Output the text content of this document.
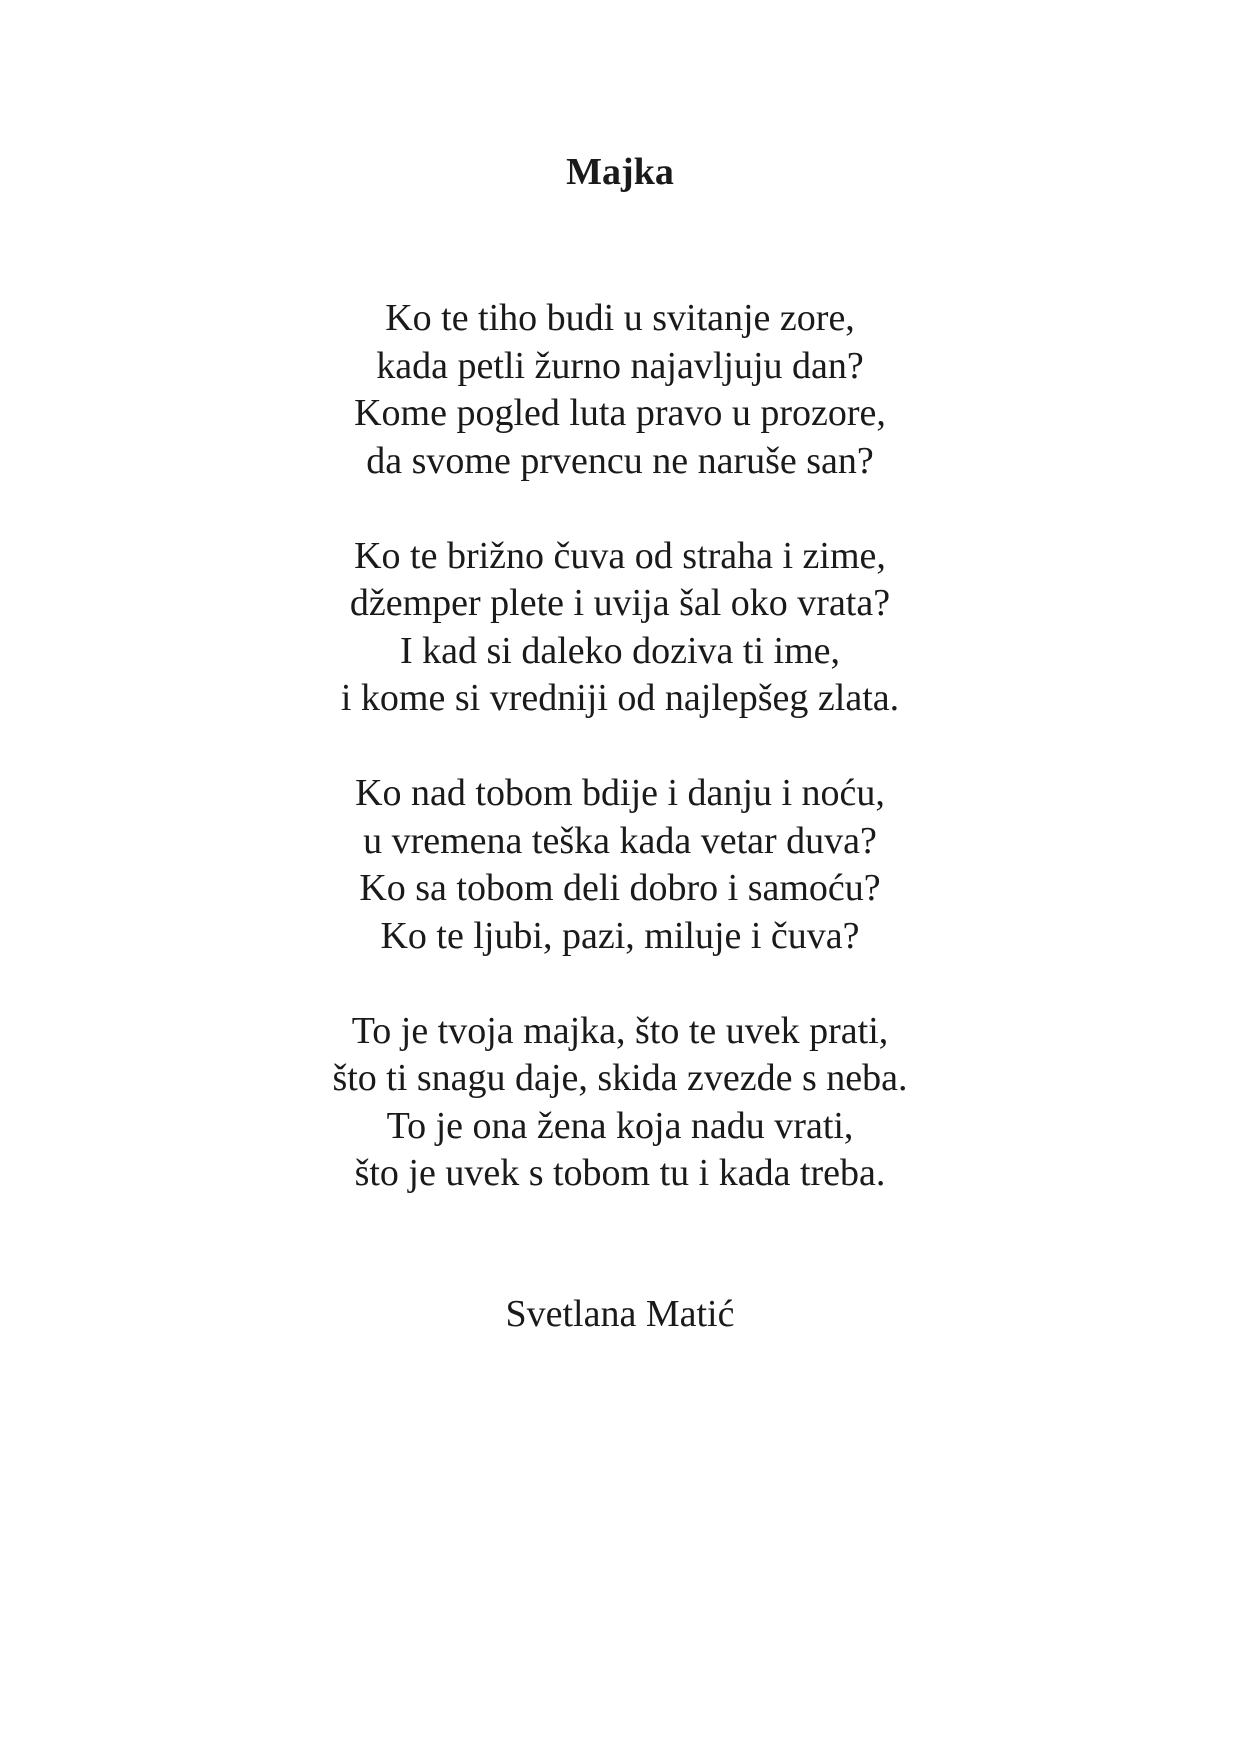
Majka
Ko te tiho budi u svitanje zore,
kada petli žurno najavljuju dan?
Kome pogled luta pravo u prozore,
da svome prvencu ne naruše san?
Ko te brižno čuva od straha i zime,
džemper plete i uvija šal oko vrata?
I kad si daleko doziva ti ime,
i kome si vredniji od najlepšeg zlata.
Ko nad tobom bdije i danju i noću,
u vremena teška kada vetar duva?
Ko sa tobom deli dobro i samoću?
Ko te ljubi, pazi, miluje i čuva?
To je tvoja majka, što te uvek prati,
što ti snagu daje, skida zvezde s neba.
To je ona žena koja nadu vrati,
što je uvek s tobom tu i kada treba.
Svetlana Matić
